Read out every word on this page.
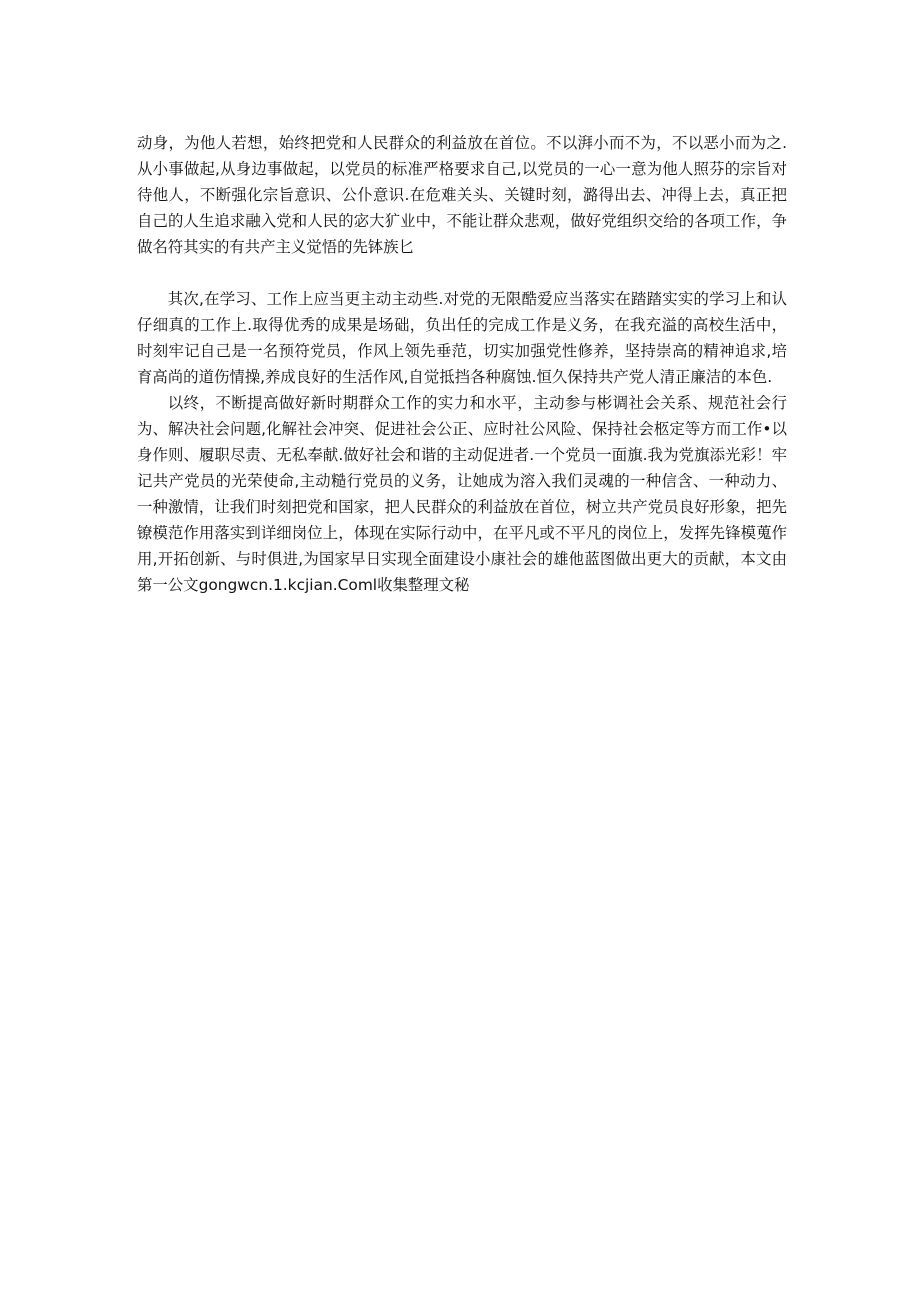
动身，为他人若想，始终把党和人民群众的利益放在首位。不以湃小而不为，不以恶小而为之.从小事做起,从身边事做起，以党员的标准严格要求自己,以党员的一心一意为他人照芬的宗旨对待他人，不断强化宗旨意识、公仆意识.在危难关头、关键时刻，潞得出去、冲得上去，真正把自己的人生追求融入党和人民的宓大犷业中，不能让群众悲观，做好党组织交给的各项工作，争做名符其实的有共产主义觉悟的先钵族匕

其次,在学习、工作上应当更主动主动些.对党的无限酷爱应当落实在踏踏实实的学习上和认仔细真的工作上.取得优秀的成果是场础，负出任的完成工作是义务，在我充溢的高校生活中，时刻牢记自己是一名预符党员，作风上领先垂范，切实加强党性修养，坚持崇高的精神追求,培育高尚的道伤情操,养成良好的生活作风,自觉抵挡各种腐蚀.恒久保持共产党人清正廉洁的本色.

以终，不断提高做好新时期群众工作的实力和水平，主动参与彬调社会关系、规范社会行为、解决社会问题,化解社会冲突、促进社会公正、应时社公风险、保持社会柩定等方而工作•以身作则、履职尽责、无私奉献.做好社会和谐的主动促进者.一个党员一面旗.我为党旗添光彩！牢记共产党员的光荣使命,主动糙行党员的义务，让她成为溶入我们灵魂的一种信含、一种动力、一种激情，让我们时刻把党和国家，把人民群众的利益放在首位，树立共产党员良好形象，把先镣模范作用落实到详细岗位上，体现在实际行动中，在平凡或不平凡的岗位上，发挥先锋模蒐作用,开拓创新、与时俱进,为国家早日实现全面建设小康社会的雄他蓝图做出更大的贡献，本文由第一公文gongwcn.1.kcjian.Coml收集整理文秘
